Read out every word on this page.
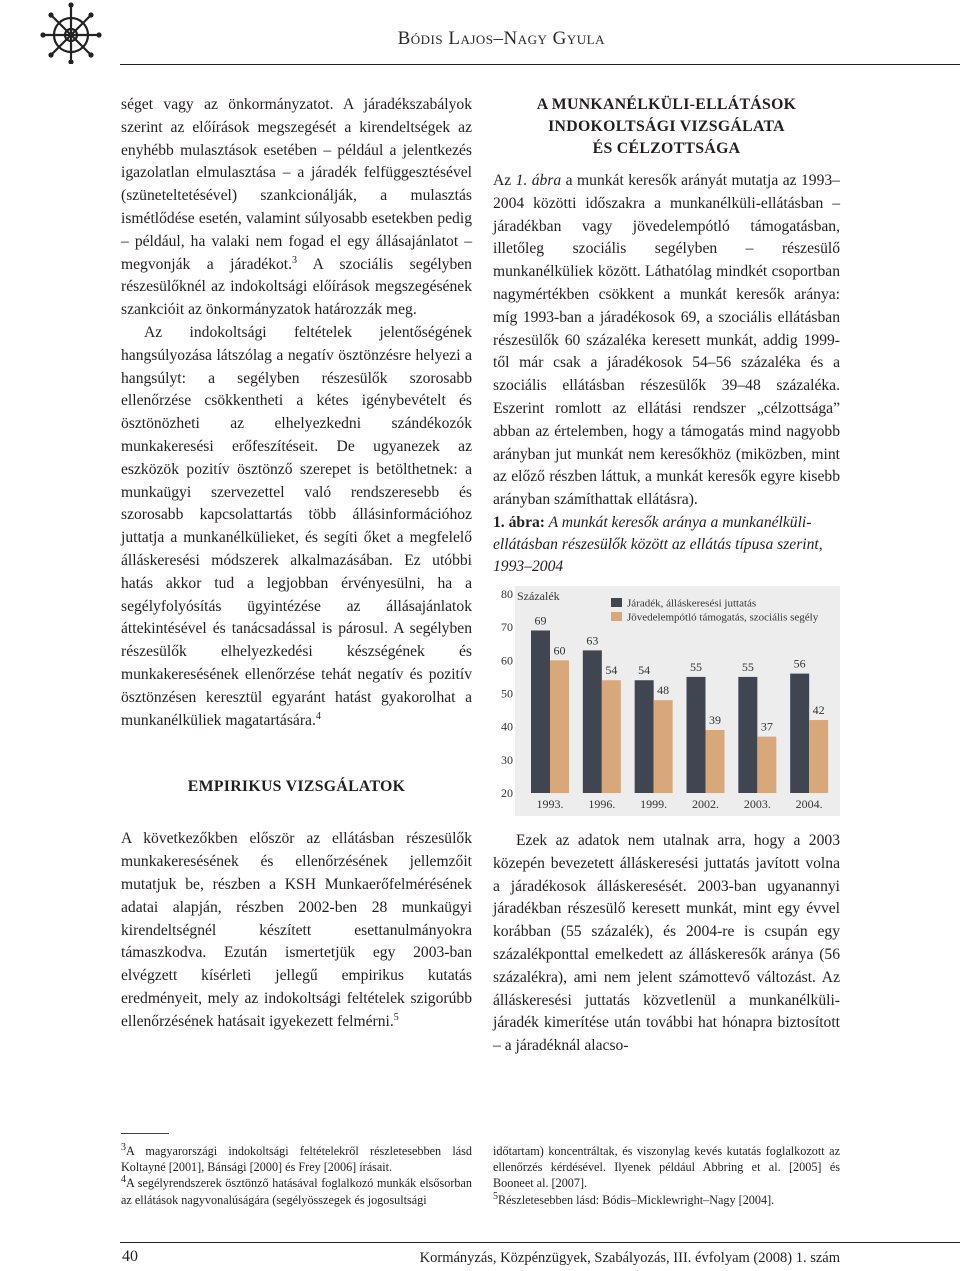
Bódis Lajos–Nagy Gyula

séget vagy az önkormányzatot. A járadékszabályok szerint az előírások megszegését a kirendeltségek az enyhébb mulasztások esetében – például a jelentkezés igazolatlan elmulasztása – a járadék felfüggesztésével (szüneteltetésével) szankcionálják, a mulasztás ismétlődése esetén, valamint súlyosabb esetekben pedig – például, ha valaki nem fogad el egy állásajánlatot – megvonják a járadékot.$^3$ A szociális segélyben részesülőknél az indokoltsági előírások megszegésének szankcióit az önkormányzatok határozzák meg.

Az indokoltsági feltételek jelentőségének hangsúlyozása látszólag a negatív ösztönzésre helyezi a hangsúlyt: a segélyben részesülők szorosabb ellenőrzése csökkentheti a kétes igénybevételt és ösztönözheti az elhelyezkedni szándékozók munkakeresési erőfeszítéseit. De ugyanezek az eszközök pozitív ösztönző szerepet is betölthetnek: a munkaügyi szervezettel való rendszeresebb és szorosabb kapcsolattartás több állásinformációhoz juttatja a munkanélkülieket, és segíti őket a megfelelő álláskeresési módszerek alkalmazásában. Ez utóbbi hatás akkor tud a legjobban érvényesülni, ha a segélyfolyósítás ügyintézése az állásajánlatok áttekintésével és tanácsadással is párosul. A segélyben részesülők elhelyezkedési készségének és munkakeresésének ellenőrzése tehát negatív és pozitív ösztönzésen keresztül egyaránt hatást gyakorolhat a munkanélküliek magatartására.$^4$

EMPIRIKUS VIZSGÁLATOK

A következőkben először az ellátásban részesülők munkakeresésének és ellenőrzésének jellemzőit mutatjuk be, részben a KSH Munkaerőfelmérésének adatai alapján, részben 2002-ben 28 munkaügyi kirendeltségnél készített esettanulmányokra támaszkodva. Ezután ismertetjük egy 2003-ban elvégzett kísérleti jellegű empirikus kutatás eredményeit, mely az indokoltsági feltételek szigorúbb ellenőrzésének hatásait igyekezett felmérni.$^5$

A MUNKANÉLKÜLI-ELLÁTÁSOK
INDOKOLTSÁGI VIZSGÁLATA
ÉS CÉLZOTTSÁGA

Az 1. ábra a munkát keresők arányát mutatja az 1993–2004 közötti időszakra a munkanélküli-ellátásban – járadékban vagy jövedelempótló támogatásban, illetőleg szociális segélyben – részesülő munkanélküliek között. Láthatólag mindkét csoportban nagymértékben csökkent a munkát keresők aránya: míg 1993-ban a járadékosok 69, a szociális ellátásban részesülők 60 százaléka keresett munkát, addig 1999-től már csak a járadékosok 54–56 százaléka és a szociális ellátásban részesülők 39–48 százaléka. Eszerint romlott az ellátási rendszer „célzottsága” abban az értelemben, hogy a támogatás mind nagyobb arányban jut munkát nem keresőkhöz (miközben, mint az előző részben láttuk, a munkát keresők egyre kisebb arányban számíthattak ellátásra).

1. ábra: A munkát keresők aránya a munkanélküli-ellátásban részesülők között az ellátás típusa szerint, 1993–2004

80
70
60
50
40
30
20
Százalék
69
60
1993.
63
54
1996.
54
48
1999.
55
39
2002.
55
37
2003.
56
42
2004.
Járadék, álláskeresési juttatás
Jövedelempótló támogatás, szociális segély

Ezek az adatok nem utalnak arra, hogy a 2003 közepén bevezetett álláskeresési juttatás javított volna a járadékosok álláskeresését. 2003-ban ugyanannyi járadékban részesülő keresett munkát, mint egy évvel korábban (55 százalék), és 2004-re is csupán egy százalékponttal emelkedett az álláskeresők aránya (56 százalékra), ami nem jelent számottevő változást. Az álláskeresési juttatás közvetlenül a munkanélküli-járadék kimerítése után további hat hónapra biztosított – a járadéknál alacso-

$^3$A magyarországi indokoltsági feltételekről részletesebben lásd Koltayné [2001], Bánsági [2000] és Frey [2006] írásait.
$^4$A segélyrendszerek ösztönző hatásával foglalkozó munkák elsősorban az ellátások nagyvonalúságára (segélyösszegek és jogosultsági
időtartam) koncentráltak, és viszonylag kevés kutatás foglalkozott az ellenőrzés kérdésével. Ilyenek például Abbring et al. [2005] és Booneet al. [2007].
$^5$Részletesebben lásd: Bódis–Micklewright–Nagy [2004].
40	Kormányzás, Közpénzügyek, Szabályozás, III. évfolyam (2008) 1. szám
